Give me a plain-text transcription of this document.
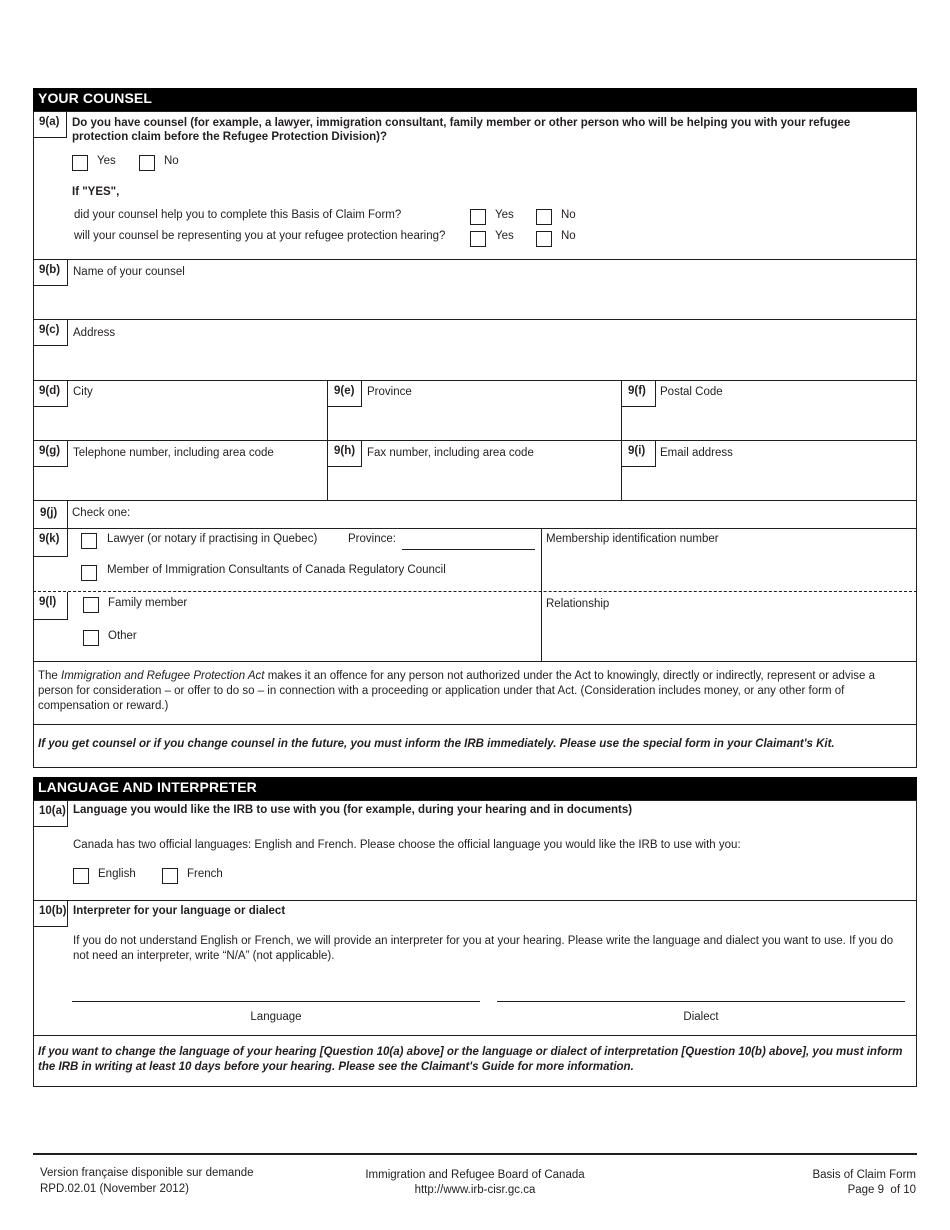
YOUR COUNSEL
9(a)	Do you have counsel (for example, a lawyer, immigration consultant, family member or other person who will be helping you with your refugee protection claim before the Refugee Protection Division)?
Yes	No
If "YES",
did your counsel help you to complete this Basis of Claim Form?	Yes	No
will your counsel be representing you at your refugee protection hearing?	Yes	No
9(b)	Name of your counsel
9(c)	Address
9(d)	City	9(e)	Province	9(f)	Postal Code
9(g)	Telephone number, including area code	9(h)	Fax number, including area code	9(i)	Email address
9(j) Check one:
9(k)	Lawyer (or notary if practising in Quebec)	Province:	Membership identification number
Member of Immigration Consultants of Canada Regulatory Council
9(l)	Family member	Relationship
Other
The Immigration and Refugee Protection Act makes it an offence for any person not authorized under the Act to knowingly, directly or indirectly, represent or advise a person for consideration – or offer to do so – in connection with a proceeding or application under that Act. (Consideration includes money, or any other form of compensation or reward.)
If you get counsel or if you change counsel in the future, you must inform the IRB immediately. Please use the special form in your Claimant's Kit.
LANGUAGE AND INTERPRETER
10(a) Language you would like the IRB to use with you (for example, during your hearing and in documents)
Canada has two official languages: English and French. Please choose the official language you would like the IRB to use with you:
English	French
10(b) Interpreter for your language or dialect
If you do not understand English or French, we will provide an interpreter for you at your hearing. Please write the language and dialect you want to use. If you do not need an interpreter, write “N/A” (not applicable).
Language	Dialect
If you want to change the language of your hearing [Question 10(a) above] or the language or dialect of interpretation [Question 10(b) above], you must inform the IRB in writing at least 10 days before your hearing. Please see the Claimant's Guide for more information.
Version française disponible sur demande
RPD.02.01 (November 2012)
Immigration and Refugee Board of Canada
http://www.irb-cisr.gc.ca
Basis of Claim Form
Page 9  of 10
